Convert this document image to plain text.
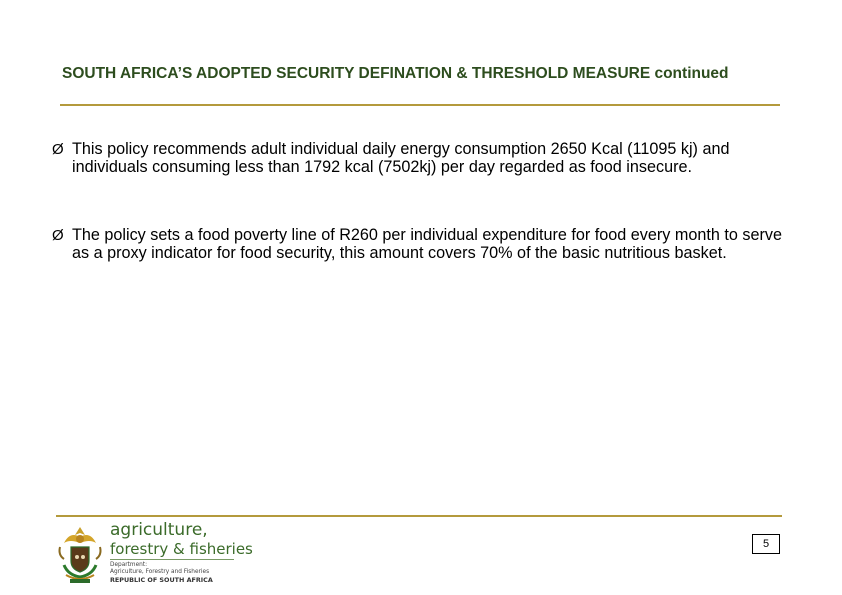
SOUTH AFRICA’S ADOPTED SECURITY DEFINATION & THRESHOLD MEASURE continued
Ø This policy recommends adult individual daily energy consumption 2650 Kcal (11095 kj) and individuals consuming less than 1792 kcal (7502kj) per day regarded as food insecure.
Ø The policy sets a food poverty line of R260 per individual expenditure for food every month to serve as a proxy indicator for food security, this amount covers 70% of the basic nutritious basket.
agriculture,
forestry & fisheries
Department:
Agriculture, Forestry and Fisheries
REPUBLIC OF SOUTH AFRICA
5
